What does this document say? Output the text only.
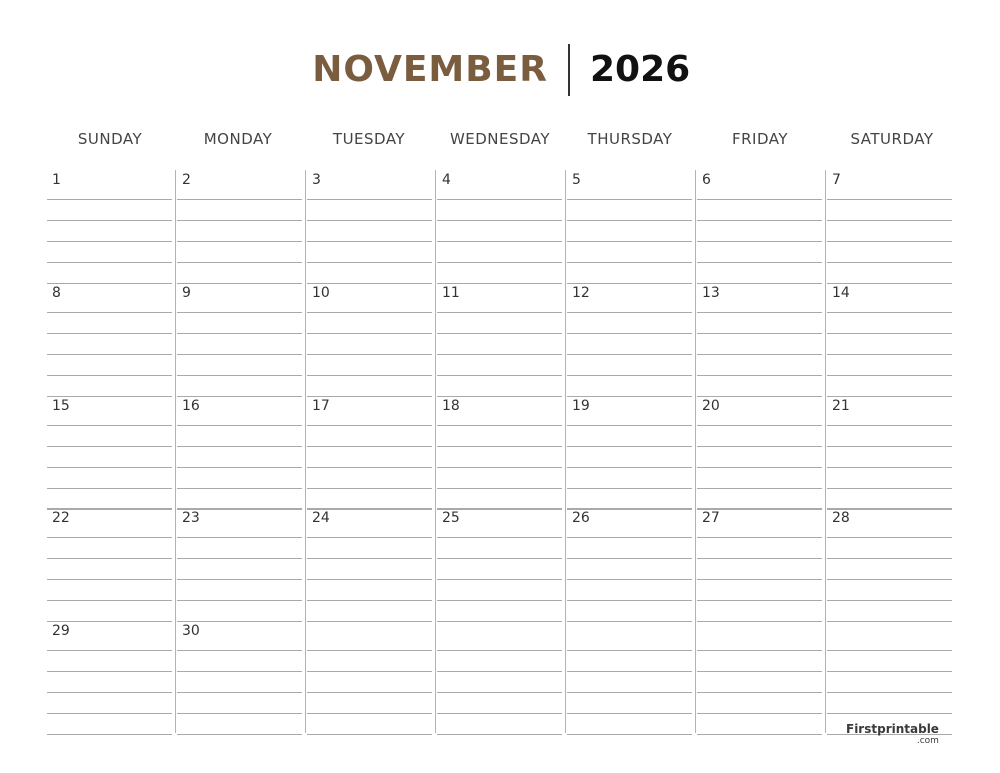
NOVEMBER 2026
SUNDAY	MONDAY	TUESDAY	WEDNESDAY	THURSDAY	FRIDAY	SATURDAY
1	2	3	4	5	6	7
8	9	10	11	12	13	14
15	16	17	18	19	20	21
22	23	24	25	26	27	28
29	30
Firstprintable
.com
